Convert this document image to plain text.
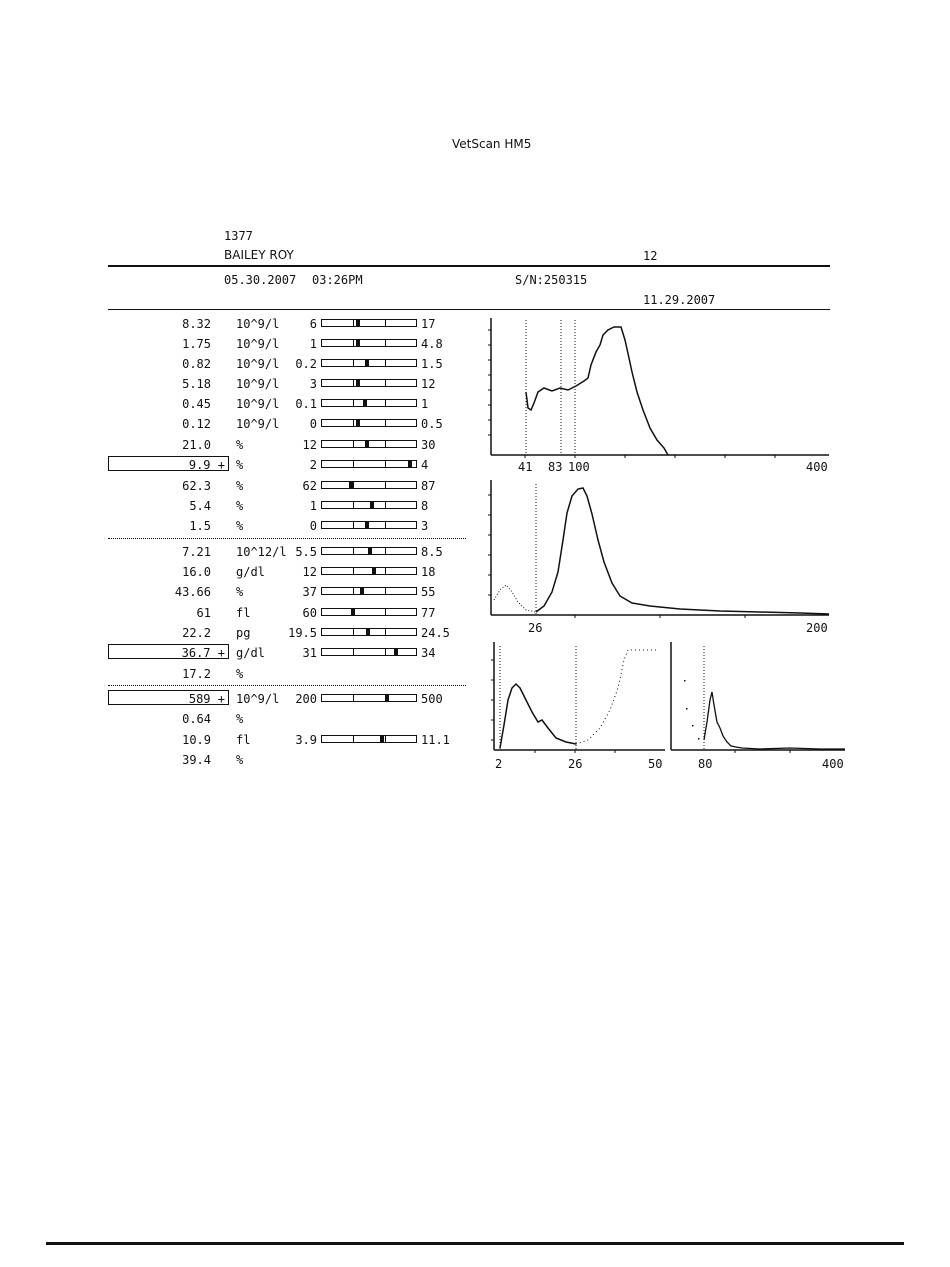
VetScan HM5
1377
BAILEY ROY	12
05.30.2007 03:26PM	S/N:250315
11.29.2007
8.32 10^9/l	6	17
1.75 10^9/l	1	4.8
0.82 10^9/l	0.2	1.5
5.18 10^9/l	3	12
0.45 10^9/l	0.1	1
0.12 10^9/l	0	0.5
21.0 %	12	30
9.9 + %	2	4
62.3 %	62	87
5.4 %	1	8
1.5 %	0	3
7.21 10^12/l 5.5	8.5
16.0 g/dl	12	18
43.66 %	37	55
61 fl	60	77
22.2 pg	19.5	24.5
36.7 + g/dl	31	34
17.2 %
589 + 10^9/l	200	500
0.64 %
10.9 fl	3.9	11.1
39.4 %
41 83 100	400
26	200
2	26	50	80	400
